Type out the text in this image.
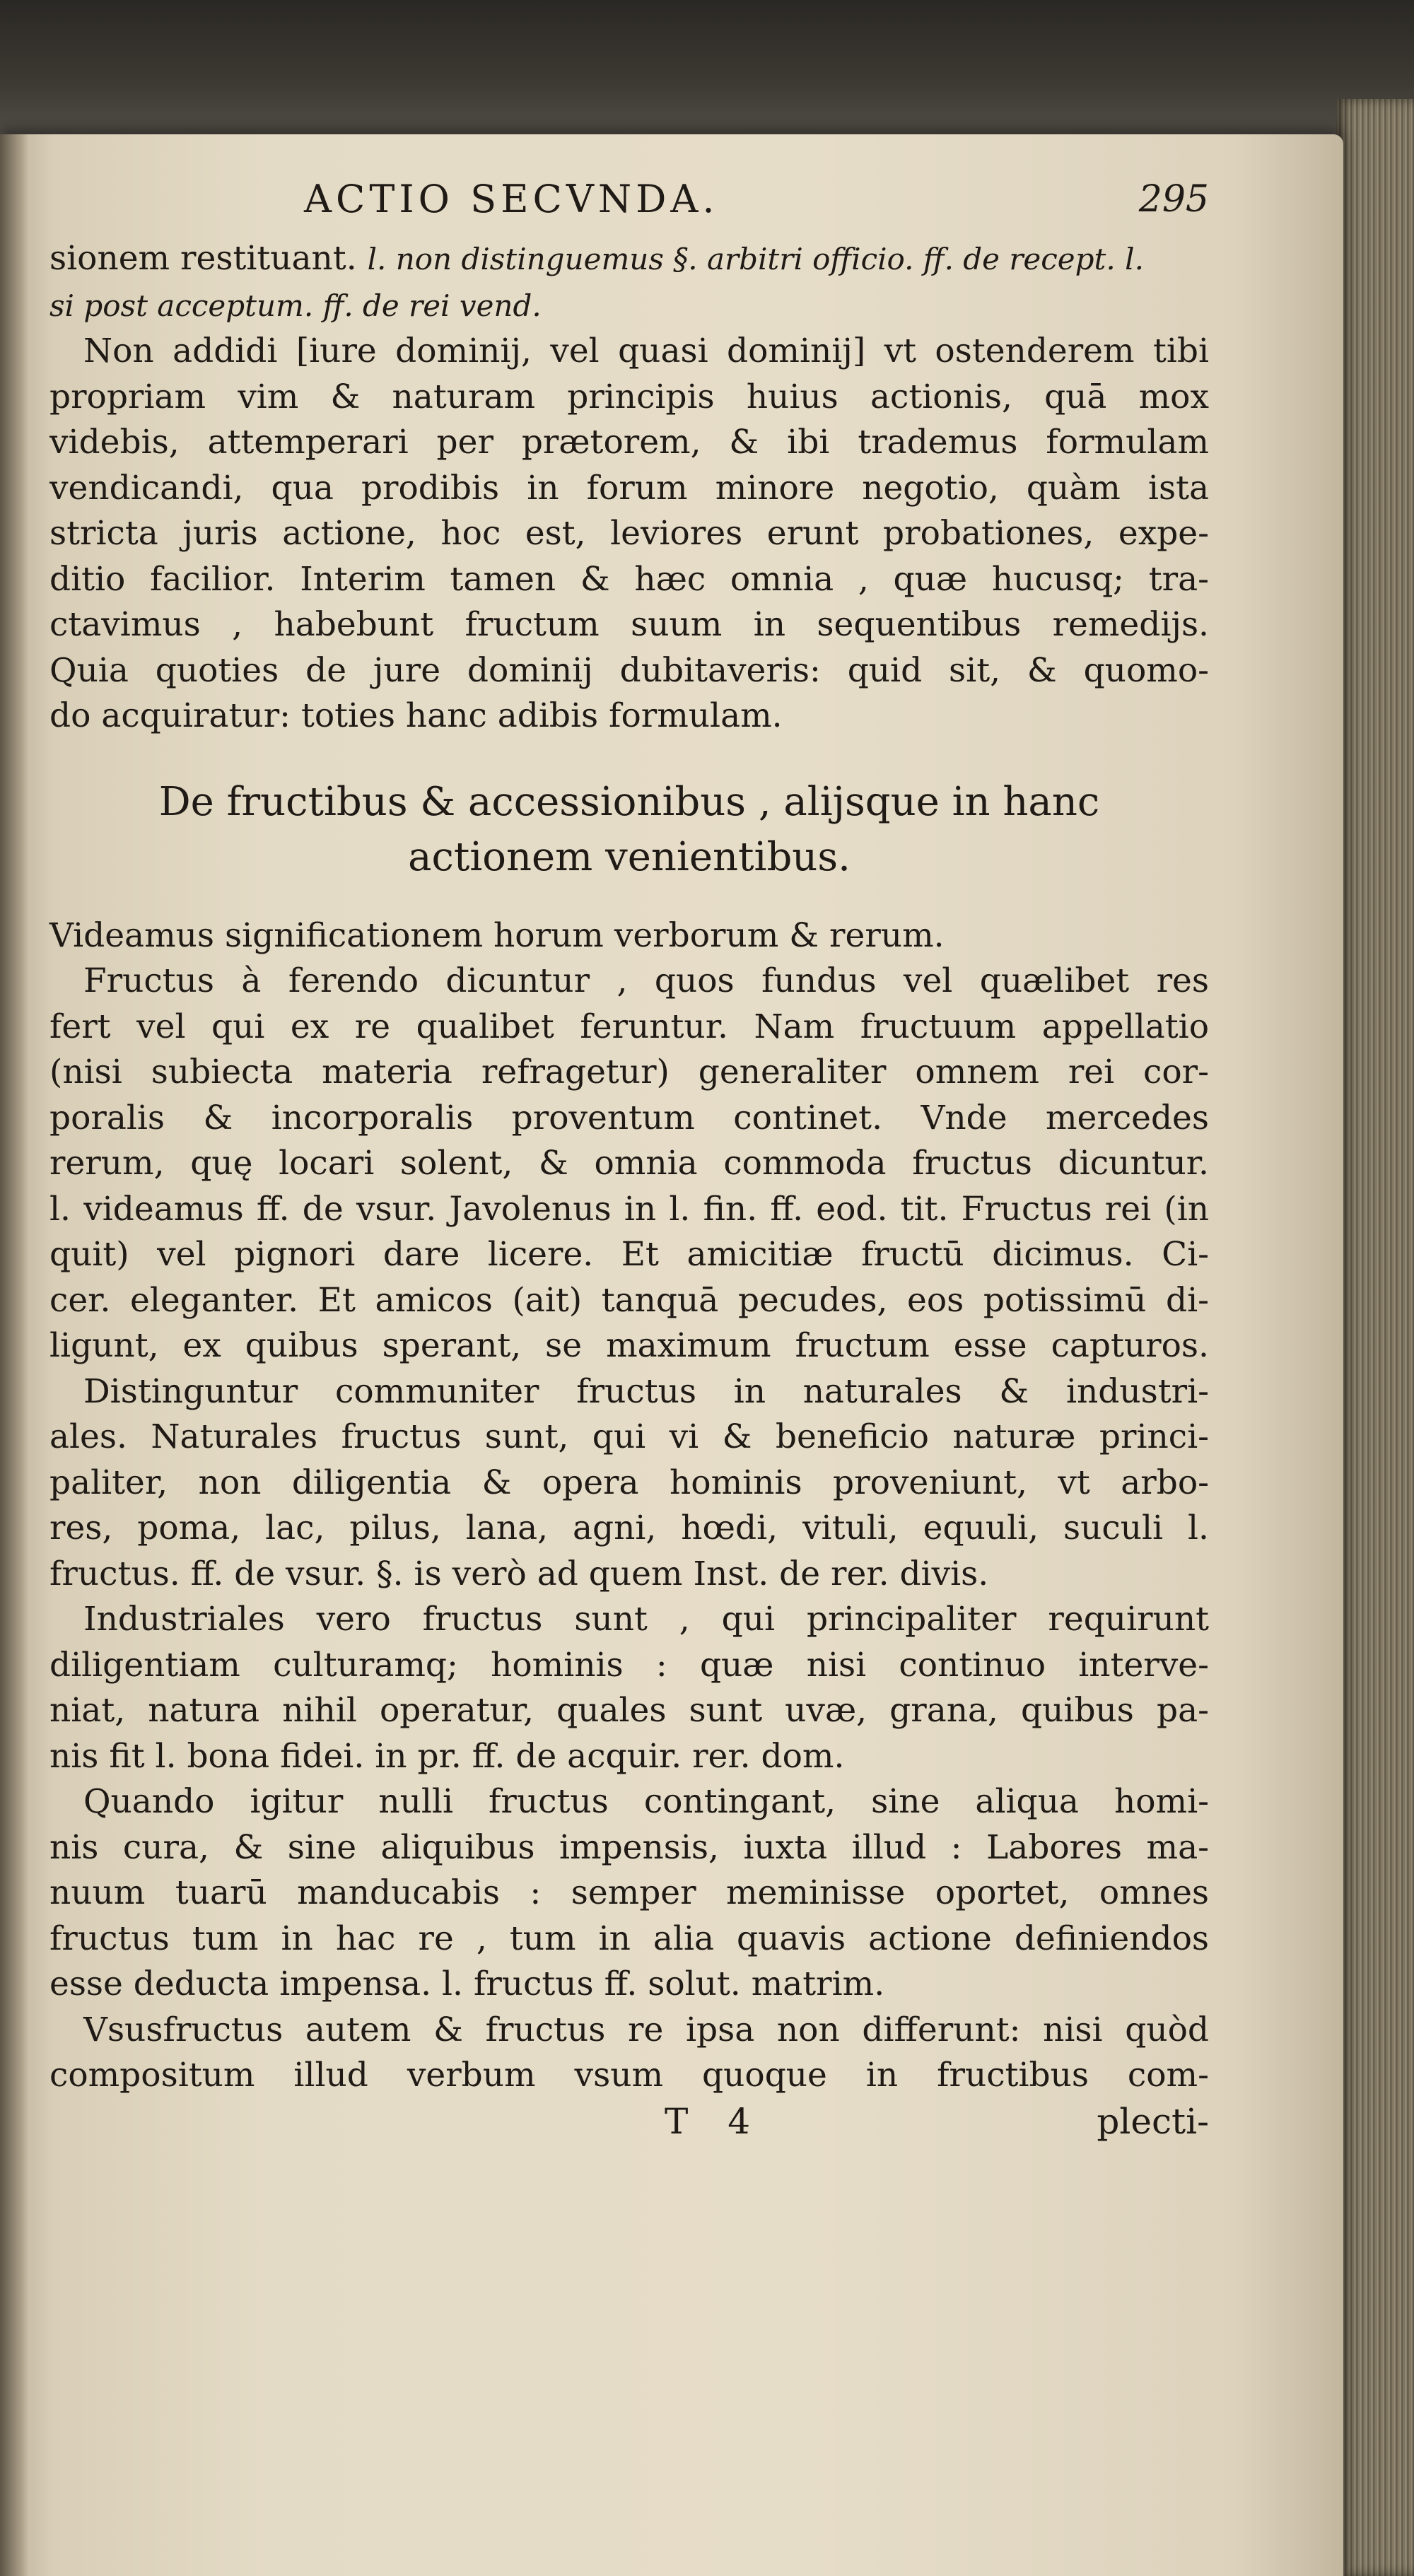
ACTIO SECVNDA.	295
sionem restituant. l. non distinguemus §. arbitri officio. ff. de recept. l.
si post acceptum. ff. de rei vend.
Non addidi [iure dominij, vel quasi dominij] vt ostenderem tibi
propriam vim & naturam principis huius actionis, quā mox
videbis, attemperari per prætorem, & ibi trademus formulam
vendicandi, qua prodibis in forum minore negotio, quàm ista
stricta juris actione, hoc est, leviores erunt probationes, expe-
ditio facilior. Interim tamen & hæc omnia , quæ hucusq; tra-
ctavimus , habebunt fructum suum in sequentibus remedijs.
Quia quoties de jure dominij dubitaveris: quid sit, & quomo-
do acquiratur: toties hanc adibis formulam.
De fructibus & accessionibus , alijsque in hanc
actionem venientibus.
Videamus significationem horum verborum & rerum.
Fructus à ferendo dicuntur , quos fundus vel quælibet res
fert vel qui ex re qualibet feruntur. Nam fructuum appellatio
(nisi subiecta materia refragetur) generaliter omnem rei cor-
poralis & incorporalis proventum continet. Vnde mercedes
rerum, quę locari solent, & omnia commoda fructus dicuntur.
l. videamus ff. de vsur. Javolenus in l. fin. ff. eod. tit. Fructus rei (in
quit) vel pignori dare licere. Et amicitiæ fructū dicimus. Ci-
cer. eleganter. Et amicos (ait) tanquā pecudes, eos potissimū di-
ligunt, ex quibus sperant, se maximum fructum esse capturos.
Distinguntur communiter fructus in naturales & industri-
ales. Naturales fructus sunt, qui vi & beneficio naturæ princi-
paliter, non diligentia & opera hominis proveniunt, vt arbo-
res, poma, lac, pilus, lana, agni, hœdi, vituli, equuli, suculi l.
fructus. ff. de vsur. §. is verò ad quem Inst. de rer. divis.
Industriales vero fructus sunt , qui principaliter requirunt
diligentiam culturamq; hominis : quæ nisi continuo interve-
niat, natura nihil operatur, quales sunt uvæ, grana, quibus pa-
nis fit l. bona fidei. in pr. ff. de acquir. rer. dom.
Quando igitur nulli fructus contingant, sine aliqua homi-
nis cura, & sine aliquibus impensis, iuxta illud : Labores ma-
nuum tuarū manducabis : semper meminisse oportet, omnes
fructus tum in hac re , tum in alia quavis actione definiendos
esse deducta impensa. l. fructus ff. solut. matrim.
Vsusfructus autem & fructus re ipsa non differunt: nisi quòd
compositum illud verbum vsum quoque in fructibus com-
T 4	plecti-
